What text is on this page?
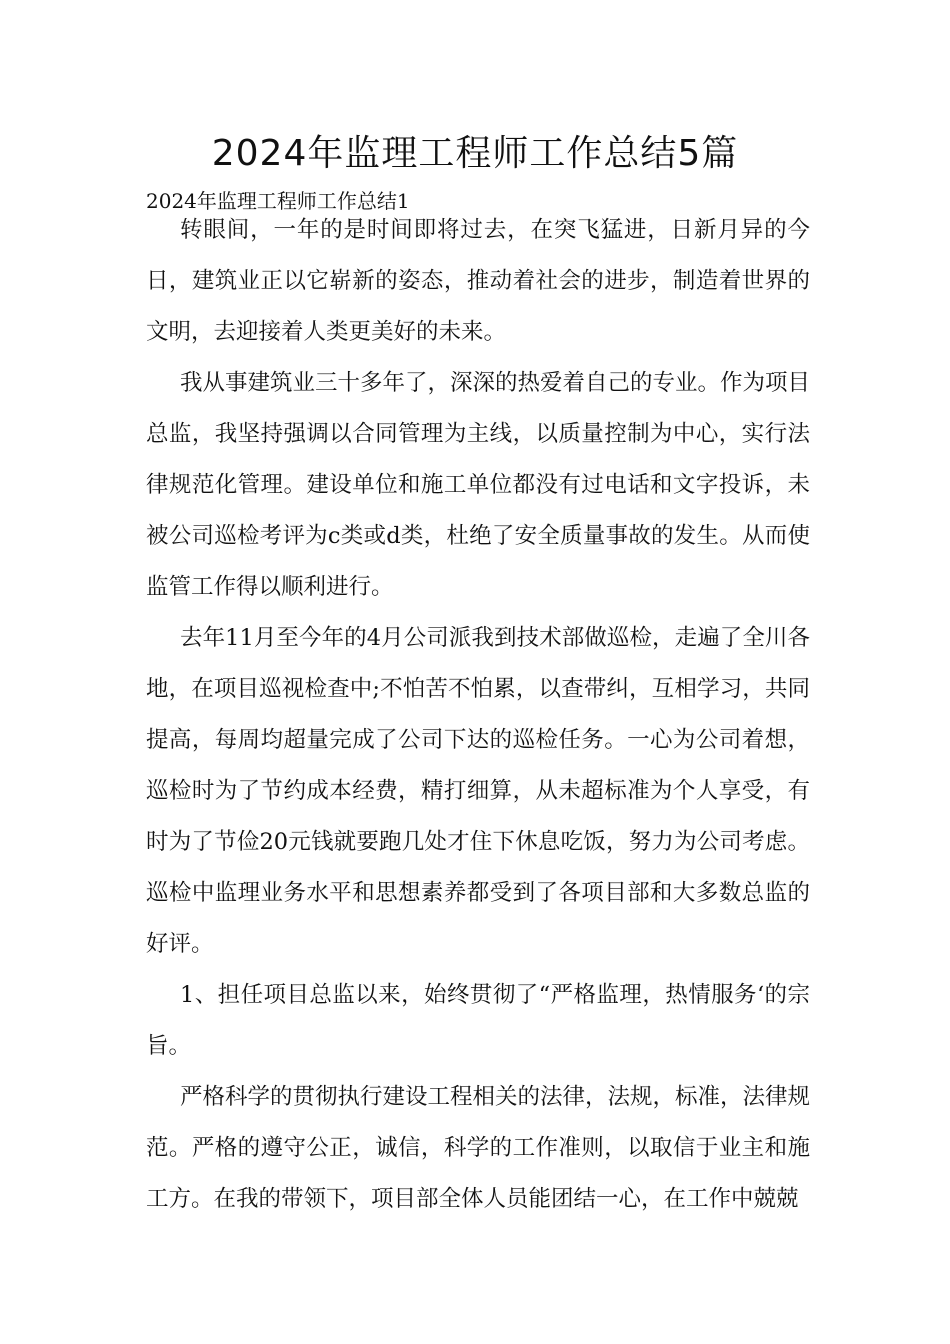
2024年监理工程师工作总结5篇
2024年监理工程师工作总结1

转眼间，一年的是时间即将过去，在突飞猛进，日新月异的今日，建筑业正以它崭新的姿态，推动着社会的进步，制造着世界的文明，去迎接着人类更美好的未来。

我从事建筑业三十多年了，深深的热爱着自己的专业。作为项目总监，我坚持强调以合同管理为主线，以质量控制为中心，实行法律规范化管理。建设单位和施工单位都没有过电话和文字投诉，未被公司巡检考评为c类或d类，杜绝了安全质量事故的发生。从而使监管工作得以顺利进行。

去年11月至今年的4月公司派我到技术部做巡检，走遍了全川各地，在项目巡视检查中;不怕苦不怕累，以查带纠，互相学习，共同提高，每周均超量完成了公司下达的巡检任务。一心为公司着想，巡检时为了节约成本经费，精打细算，从未超标准为个人享受，有时为了节俭20元钱就要跑几处才住下休息吃饭，努力为公司考虑。巡检中监理业务水平和思想素养都受到了各项目部和大多数总监的好评。

1、担任项目总监以来，始终贯彻了“严格监理，热情服务‘的宗旨。

严格科学的贯彻执行建设工程相关的法律，法规，标准，法律规范。严格的遵守公正，诚信，科学的工作准则，以取信于业主和施工方。在我的带领下，项目部全体人员能团结一心，在工作中兢兢
